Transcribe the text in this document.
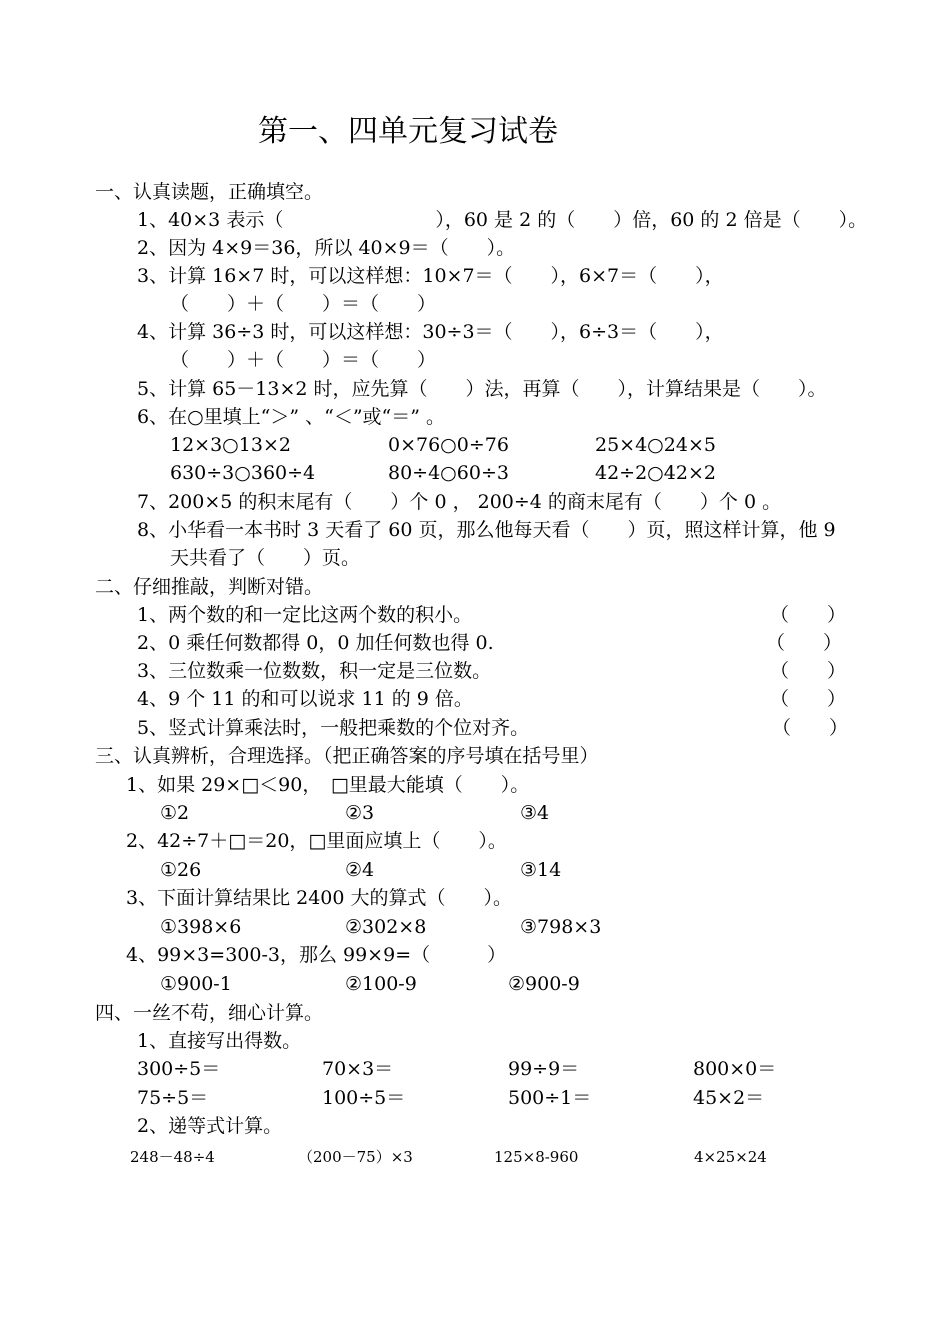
第一、四单元复习试卷
一、认真读题，正确填空。
1、40×3 表示（　　　　　　　　），60 是 2 的（　　）倍，60 的 2 倍是（　　）。
2、因为 4×9＝36，所以 40×9＝（　　）。
3、计算 16×7 时，可以这样想：10×7＝（　　），6×7＝（　　），
（　　）＋（　　）＝（　　）
4、计算 36÷3 时，可以这样想：30÷3＝（　　），6÷3＝（　　），
（　　）＋（　　）＝（　　）
5、计算 65－13×2 时，应先算（　　）法，再算（　　），计算结果是（　　）。
6、在○里填上“＞” 、“＜”或“＝” 。
12×3○13×2	0×76○0÷76	25×4○24×5
630÷3○360÷4	80÷4○60÷3	42÷2○42×2
7、200×5 的积末尾有（　　）个 0 ， 200÷4 的商末尾有（　　）个 0 。
8、小华看一本书时 3 天看了 60 页，那么他每天看（　　）页，照这样计算，他 9
天共看了（　　）页。
二、仔细推敲，判断对错。
1、两个数的和一定比这两个数的积小。	（　　）
2、0 乘任何数都得 0，0 加任何数也得 0.	（　　）
3、三位数乘一位数数，积一定是三位数。	（　　）
4、9 个 11 的和可以说求 11 的 9 倍。	（　　）
5、竖式计算乘法时，一般把乘数的个位对齐。	（　　）
三、认真辨析，合理选择。（把正确答案的序号填在括号里）
1、如果 29×□＜90，　□里最大能填（　　）。
①2	②3	③4
2、42÷7＋□＝20，□里面应填上（　　）。
①26	②4	③14
3、下面计算结果比 2400 大的算式（　　）。
①398×6	②302×8	③798×3
4、99×3=300-3，那么 99×9=（　　　）
①900-1	②100-9	②900-9
四、一丝不苟，细心计算。
1、直接写出得数。
300÷5＝	70×3＝	99÷9＝	800×0＝
75÷5＝	100÷5＝	500÷1＝	45×2＝
2、递等式计算。
248－48÷4	（200－75）×3	125×8-960	4×25×24
